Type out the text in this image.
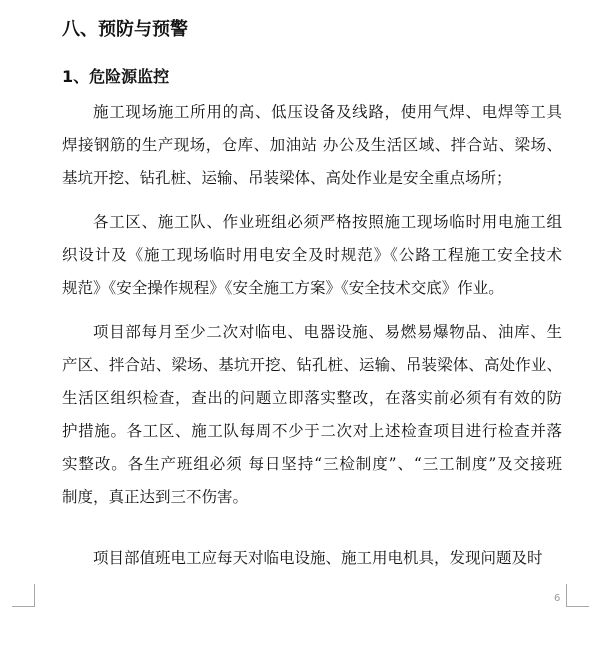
八、预防与预警
1、危险源监控
施工现场施工所用的高、低压设备及线路，使用气焊、电焊等工具
焊接钢筋的生产现场，仓库、加油站 办公及生活区域、拌合站、梁场、
基坑开挖、钻孔桩、运输、吊装梁体、高处作业是安全重点场所；
各工区、施工队、作业班组必须严格按照施工现场临时用电施工组
织设计及《施工现场临时用电安全及时规范》《公路工程施工安全技术
规范》《安全操作规程》《安全施工方案》《安全技术交底》作业。
项目部每月至少二次对临电、电器设施、易燃易爆物品、油库、生
产区、拌合站、梁场、基坑开挖、钻孔桩、运输、吊装梁体、高处作业、
生活区组织检查，查出的问题立即落实整改，在落实前必须有有效的防
护措施。各工区、施工队每周不少于二次对上述检查项目进行检查并落
实整改。各生产班组必须 每日坚持“三检制度”、“三工制度”及交接班
制度，真正达到三不伤害。
项目部值班电工应每天对临电设施、施工用电机具，发现问题及时
6
